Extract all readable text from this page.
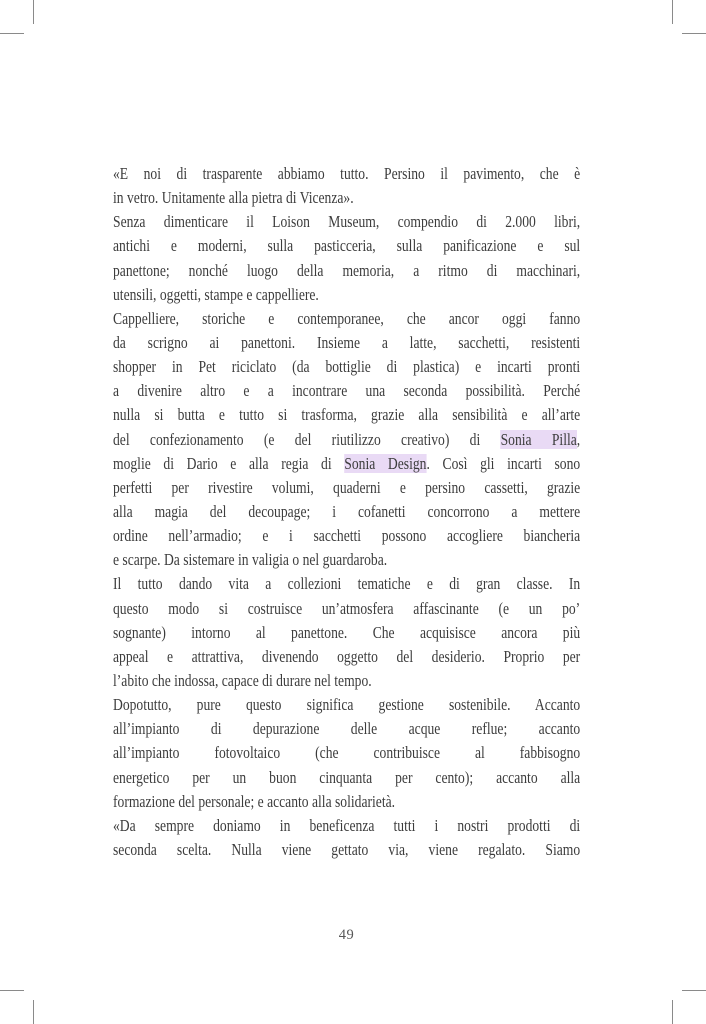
«E noi di trasparente abbiamo tutto. Persino il pavimento, che è
in vetro. Unitamente alla pietra di Vicenza».
Senza dimenticare il Loison Museum, compendio di 2.000 libri,
antichi e moderni, sulla pasticceria, sulla panificazione e sul
panettone; nonché luogo della memoria, a ritmo di macchinari,
utensili, oggetti, stampe e cappelliere.
Cappelliere, storiche e contemporanee, che ancor oggi fanno
da scrigno ai panettoni. Insieme a latte, sacchetti, resistenti
shopper in Pet riciclato (da bottiglie di plastica) e incarti pronti
a divenire altro e a incontrare una seconda possibilità. Perché
nulla si butta e tutto si trasforma, grazie alla sensibilità e all’arte
del confezionamento (e del riutilizzo creativo) di Sonia Pilla,
moglie di Dario e alla regia di Sonia Design. Così gli incarti sono
perfetti per rivestire volumi, quaderni e persino cassetti, grazie
alla magia del decoupage; i cofanetti concorrono a mettere
ordine nell’armadio; e i sacchetti possono accogliere biancheria
e scarpe. Da sistemare in valigia o nel guardaroba.
Il tutto dando vita a collezioni tematiche e di gran classe. In
questo modo si costruisce un’atmosfera affascinante (e un po’
sognante) intorno al panettone. Che acquisisce ancora più
appeal e attrattiva, divenendo oggetto del desiderio. Proprio per
l’abito che indossa, capace di durare nel tempo.
Dopotutto, pure questo significa gestione sostenibile. Accanto
all’impianto di depurazione delle acque reflue; accanto
all’impianto fotovoltaico (che contribuisce al fabbisogno
energetico per un buon cinquanta per cento); accanto alla
formazione del personale; e accanto alla solidarietà.
«Da sempre doniamo in beneficenza tutti i nostri prodotti di
seconda scelta. Nulla viene gettato via, viene regalato. Siamo
49
